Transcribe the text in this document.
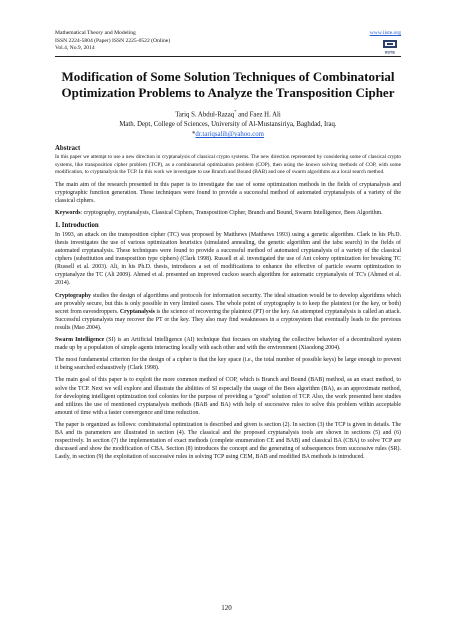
Mathematical Theory and Modeling
ISSN 2224-5804 (Paper) ISSN 2225-0522 (Online)
Vol.4, No.9, 2014
www.iiste.org
IISTE
Modification of Some Solution Techniques of Combinatorial Optimization Problems to Analyze the Transposition Cipher
Tariq S. Abdul-Razaq* and Faez H. Ali
Math. Dept, College of Sciences, University of Al-Mustansiriya, Baghdad, Iraq.
*dr.tariqsalih@yahoo.com
Abstract

In this paper we attempt to use a new direction in cryptanalysis of classical crypto systems. The new direction represented by considering some of classical crypto systems, like transposition cipher problem (TCP), as a combinatorial optimization problem (COP), then using the known solving methods of COP, with some modification, to cryptanalysis the TCP. In this work we investigate to use Branch and Bound (BAB) and one of swarm algorithms as a local search method.

The main aim of the research presented in this paper is to investigate the use of some optimization methods in the fields of cryptanalysis and cryptographic function generation. These techniques were found to provide a successful method of automated cryptanalysis of a variety of the classical ciphers.

Keywords: cryptography, cryptanalysis, Classical Ciphers, Transposition Cipher, Branch and Bound, Swarm Intelligence, Bees Algorithm.

1. Introduction

In 1993, an attack on the transposition cipher (TC) was proposed by Matthews (Matthews 1993) using a genetic algorithm. Clark in his Ph.D. thesis investigates the use of various optimization heuristics (simulated annealing, the genetic algorithm and the tabu search) in the fields of automated cryptanalysis. These techniques were found to provide a successful method of automated cryptanalysis of a variety of the classical ciphers (substitution and transposition type ciphers) (Clark 1998). Russell et al. investigated the use of Ant colony optimization for breaking TC (Russell et al. 2003). Ali, in his Ph.D. thesis, introduces a set of modifications to enhance the effective of particle swarm optimization to cryptanalyze the TC (Ali 2009). Ahmed et al. presented an improved cuckoo search algorithm for automatic cryptanalysis of TC's (Ahmed et al. 2014).

Cryptography studies the design of algorithms and protocols for information security. The ideal situation would be to develop algorithms which are provably secure, but this is only possible in very limited cases. The whole point of cryptography is to keep the plaintext (or the key, or both) secret from eavesdroppers. Cryptanalysis is the science of recovering the plaintext (PT) or the key. An attempted cryptanalysis is called an attack. Successful cryptanalysts may recover the PT or the key. They also may find weaknesses in a cryptosystem that eventually leads to the previous results (Mao 2004).

Swarm Intelligence (SI) is an Artificial Intelligence (AI) technique that focuses on studying the collective behavior of a decentralized system made up by a population of simple agents interacting locally with each other and with the environment (Xiaodong 2004).

The most fundamental criterion for the design of a cipher is that the key space (i.e., the total number of possible keys) be large enough to prevent it being searched exhaustively (Clark 1998).

The main goal of this paper is to exploit the more common method of COP, which is Branch and Bound (BAB) method, as an exact method, to solve the TCP. Next we will explore and illustrate the abilities of SI especially the usage of the Bees algorithm (BA), as an approximate method, for developing intelligent optimization tool colonies for the purpose of providing a "good" solution of TCP. Also, the work presented here studies and utilizes the use of mentioned cryptanalysis methods (BAB and BA) with help of successive rules to solve this problem within acceptable amount of time with a faster convergence and time reduction.

The paper is organized as follows: combinatorial optimization is described and given is section (2). In section (3) the TCP is given in details. The BA and its parameters are illustrated in section (4). The classical and the proposed cryptanalysis tools are shown in sections (5) and (6) respectively. In section (7) the implementation of exact methods (complete enumeration CE and BAB) and classical BA (CBA) to solve TCP are discussed and show the modification of CBA. Section (8) introduces the concept and the generating of subsequences from successive rules (SR). Lastly, in section (9) the exploitation of successive rules in solving TCP using CEM, BAB and modified BA methods is introduced.

120
